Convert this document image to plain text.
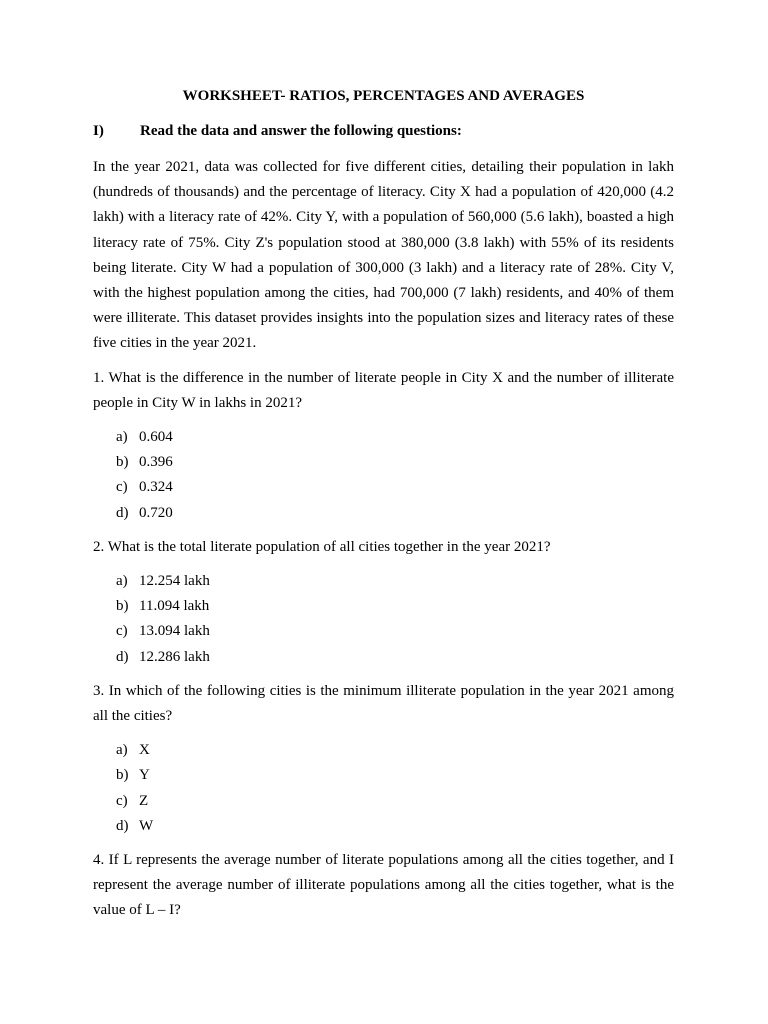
WORKSHEET- RATIOS, PERCENTAGES AND AVERAGES
I)	Read the data and answer the following questions:

In the year 2021, data was collected for five different cities, detailing their population in lakh (hundreds of thousands) and the percentage of literacy. City X had a population of 420,000 (4.2 lakh) with a literacy rate of 42%. City Y, with a population of 560,000 (5.6 lakh), boasted a high literacy rate of 75%. City Z's population stood at 380,000 (3.8 lakh) with 55% of its residents being literate. City W had a population of 300,000 (3 lakh) and a literacy rate of 28%. City V, with the highest population among the cities, had 700,000 (7 lakh) residents, and 40% of them were illiterate. This dataset provides insights into the population sizes and literacy rates of these five cities in the year 2021.

1. What is the difference in the number of literate people in City X and the number of illiterate people in City W in lakhs in 2021?

a) 0.604
b) 0.396
c) 0.324
d) 0.720

2. What is the total literate population of all cities together in the year 2021?

a) 12.254 lakh
b) 11.094 lakh
c) 13.094 lakh
d) 12.286 lakh

3. In which of the following cities is the minimum illiterate population in the year 2021 among all the cities?

a) X
b) Y
c) Z
d) W

4. If L represents the average number of literate populations among all the cities together, and I represent the average number of illiterate populations among all the cities together, what is the value of L – I?
